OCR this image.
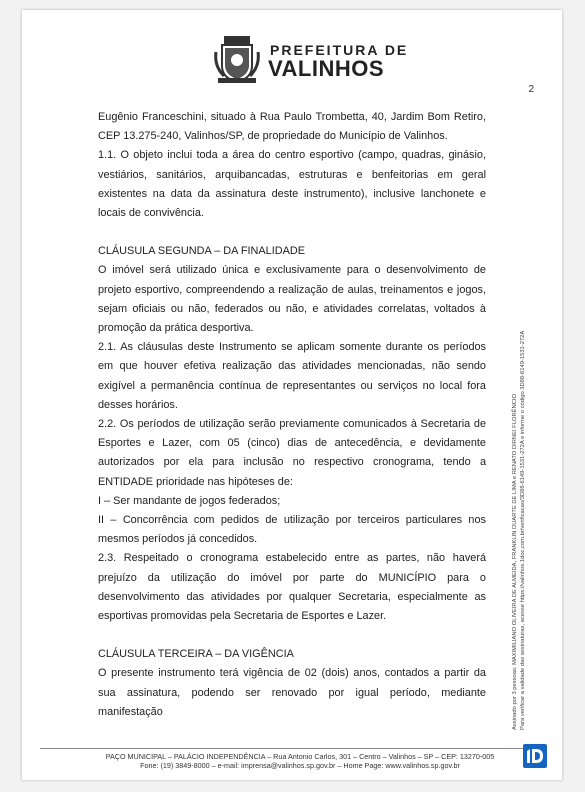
PREFEITURA DE
VALINHOS
2

Eugênio Franceschini, situado à Rua Paulo Trombetta, 40, Jardim Bom Retiro, CEP 13.275-240, Valinhos/SP, de propriedade do Município de Valinhos.

1.1. O objeto inclui toda a área do centro esportivo (campo, quadras, ginásio, vestiários, sanitários, arquibancadas, estruturas e benfeitorias em geral existentes na data da assinatura deste instrumento), inclusive lanchonete e locais de convivência.

CLÁUSULA SEGUNDA – DA FINALIDADE

O imóvel será utilizado única e exclusivamente para o desenvolvimento de projeto esportivo, compreendendo a realização de aulas, treinamentos e jogos, sejam oficiais ou não, federados ou não, e atividades correlatas, voltados à promoção da prática desportiva.

2.1. As cláusulas deste Instrumento se aplicam somente durante os períodos em que houver efetiva realização das atividades mencionadas, não sendo exigível a permanência contínua de representantes ou serviços no local fora desses horários.

2.2. Os períodos de utilização serão previamente comunicados à Secretaria de Esportes e Lazer, com 05 (cinco) dias de antecedência, e devidamente autorizados por ela para inclusão no respectivo cronograma, tendo a ENTIDADE prioridade nas hipóteses de:

I – Ser mandante de jogos federados;

II – Concorrência com pedidos de utilização por terceiros particulares nos mesmos períodos já concedidos.

2.3. Respeitado o cronograma estabelecido entre as partes, não haverá prejuízo da utilização do imóvel por parte do MUNICÍPIO para o desenvolvimento das atividades por qualquer Secretaria, especialmente as esportivas promovidas pela Secretaria de Esportes e Lazer.

CLÁUSULA TERCEIRA – DA VIGÊNCIA

O presente instrumento terá vigência de 02 (dois) anos, contados a partir da sua assinatura, podendo ser renovado por igual período, mediante manifestação

PAÇO MUNICIPAL – PALÁCIO INDEPENDÊNCIA – Rua Antonio Carlos, 301 – Centro – Valinhos – SP – CEP: 13270-005
Fone: (19) 3849-8000 – e-mail: imprensa@valinhos.sp.gov.br – Home Page: www.valinhos.sp.gov.br
Assinado por 3 pessoas: MAXIMILIANO OLIVEIRA DE ALMEIDA, FRANKLIN DUARTE DE LIMA e RENATO DIRNEI FLORÊNCIO Para verificar a validade das assinaturas, acesse https://valinhos.1doc.com.br/verificacao/3D88-6149-1531-272A e informe o código 3D88-6149-1531-272A
